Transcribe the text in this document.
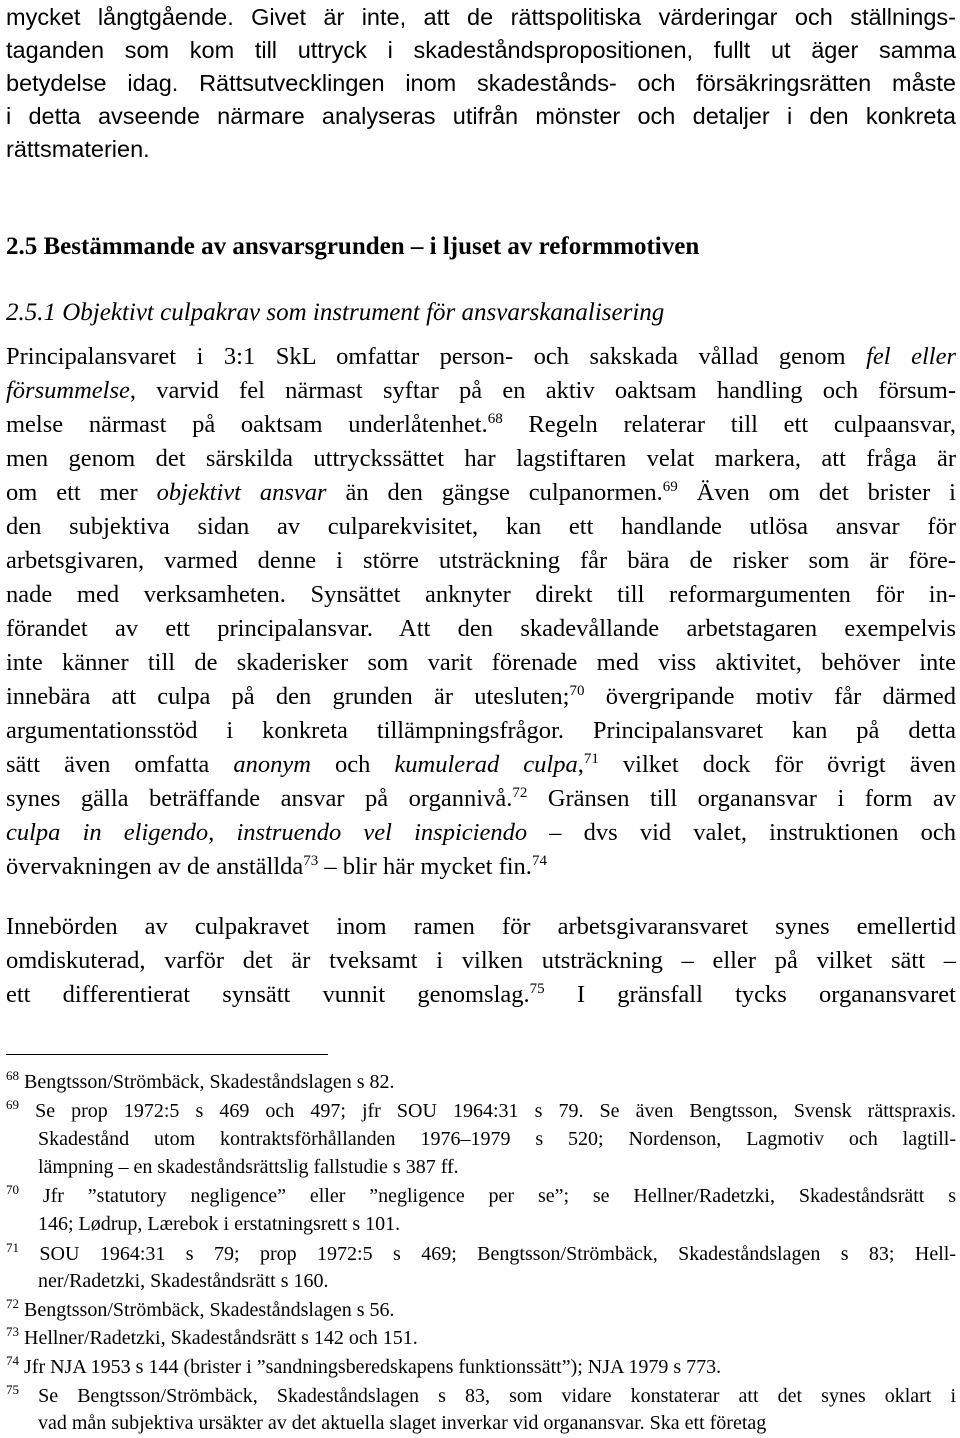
mycket långtgående. Givet är inte, att de rättspolitiska värderingar och ställnings-
taganden som kom till uttryck i skadeståndspropositionen, fullt ut äger samma
betydelse idag. Rättsutvecklingen inom skadestånds- och försäkringsrätten måste
i detta avseende närmare analyseras utifrån mönster och detaljer i den konkreta
rättsmaterien.
2.5 Bestämmande av ansvarsgrunden – i ljuset av reformmotiven
2.5.1 Objektivt culpakrav som instrument för ansvarskanalisering
Principalansvaret i 3:1 SkL omfattar person- och sakskada vållad genom fel eller
försummelse, varvid fel närmast syftar på en aktiv oaktsam handling och försum-
melse närmast på oaktsam underlåtenhet.$^{68}$ Regeln relaterar till ett culpaansvar,
men genom det särskilda uttryckssättet har lagstiftaren velat markera, att fråga är
om ett mer objektivt ansvar än den gängse culpanormen.$^{69}$ Även om det brister i
den subjektiva sidan av culparekvisitet, kan ett handlande utlösa ansvar för
arbetsgivaren, varmed denne i större utsträckning får bära de risker som är före-
nade med verksamheten. Synsättet anknyter direkt till reformargumenten för in-
förandet av ett principalansvar. Att den skadevållande arbetstagaren exempelvis
inte känner till de skaderisker som varit förenade med viss aktivitet, behöver inte
innebära att culpa på den grunden är utesluten;$^{70}$ övergripande motiv får därmed
argumentationsstöd i konkreta tillämpningsfrågor. Principalansvaret kan på detta
sätt även omfatta anonym och kumulerad culpa,$^{71}$ vilket dock för övrigt även
synes gälla beträffande ansvar på organnivå.$^{72}$ Gränsen till organansvar i form av
culpa in eligendo, instruendo vel inspiciendo – dvs vid valet, instruktionen och
övervakningen av de anställda$^{73}$ – blir här mycket fin.$^{74}$
Innebörden av culpakravet inom ramen för arbetsgivaransvaret synes emellertid
omdiskuterad, varför det är tveksamt i vilken utsträckning – eller på vilket sätt –
ett differentierat synsätt vunnit genomslag.$^{75}$ I gränsfall tycks organansvaret
$^{68}$ Bengtsson/Strömbäck, Skadeståndslagen s 82.
$^{69}$ Se prop 1972:5 s 469 och 497; jfr SOU 1964:31 s 79. Se även Bengtsson, Svensk rättspraxis.
Skadestånd utom kontraktsförhållanden 1976–1979 s 520; Nordenson, Lagmotiv och lagtill-
lämpning – en skadeståndsrättslig fallstudie s 387 ff.
$^{70}$ Jfr ”statutory negligence” eller ”negligence per se”; se Hellner/Radetzki, Skadeståndsrätt s
146; Lødrup, Lærebok i erstatningsrett s 101.
$^{71}$ SOU 1964:31 s 79; prop 1972:5 s 469; Bengtsson/Strömbäck, Skadeståndslagen s 83; Hell-
ner/Radetzki, Skadeståndsrätt s 160.
$^{72}$ Bengtsson/Strömbäck, Skadeståndslagen s 56.
$^{73}$ Hellner/Radetzki, Skadeståndsrätt s 142 och 151.
$^{74}$ Jfr NJA 1953 s 144 (brister i ”sandningsberedskapens funktionssätt”); NJA 1979 s 773.
$^{75}$ Se Bengtsson/Strömbäck, Skadeståndslagen s 83, som vidare konstaterar att det synes oklart i
vad mån subjektiva ursäkter av det aktuella slaget inverkar vid organansvar. Ska ett företag
